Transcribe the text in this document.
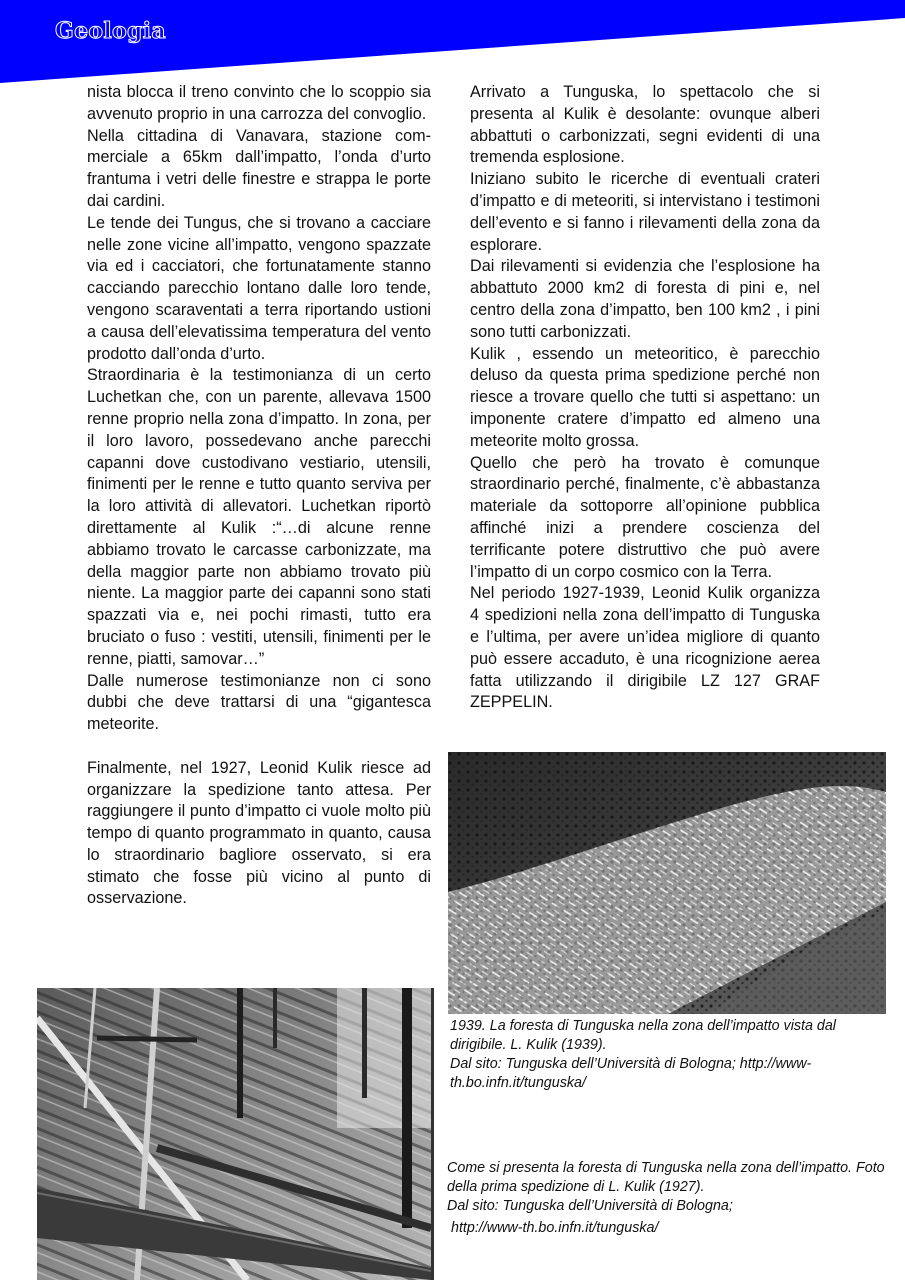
Geologia

nista blocca il treno convinto che lo scoppio sia avvenuto proprio in una carrozza del convoglio.

Nella cittadina di Vanavara, stazione commerciale a 65km dall’impatto, l’onda d’urto frantuma i vetri delle finestre e strappa le porte dai cardini.

Le tende dei Tungus, che si trovano a cacciare nelle zone vicine all’impatto, vengono spazzate via ed i cacciatori, che fortunatamente stanno cacciando parecchio lontano dalle loro tende, vengono scaraventati a terra riportando ustioni a causa dell’elevatissima temperatura del vento prodotto dall’onda d’urto.

Straordinaria è la testimonianza di un certo Luchetkan che, con un parente, allevava 1500 renne proprio nella zona d’impatto. In zona, per il loro lavoro, possedevano anche parecchi capanni dove custodivano vestiario, utensili, finimenti per le renne e tutto quanto serviva per la loro attività di allevatori. Luchetkan riportò direttamente al Kulik :“…di alcune renne abbiamo trovato le carcasse carbonizzate, ma della maggior parte non abbiamo trovato più niente. La maggior parte dei capanni sono stati spazzati via e, nei pochi rimasti, tutto era bruciato o fuso : vestiti, utensili, finimenti per le renne, piatti, samovar…”

Dalle numerose testimonianze non ci sono dubbi che deve trattarsi di una “gigantesca meteorite.

Finalmente, nel 1927, Leonid Kulik riesce ad organizzare la spedizione tanto attesa. Per raggiungere il punto d’impatto ci vuole molto più tempo di quanto programmato in quanto, causa lo straordinario bagliore osservato, si era stimato che fosse più vicino al punto di osservazione.

Arrivato a Tunguska, lo spettacolo che si presenta al Kulik è desolante: ovunque alberi abbattuti o carbonizzati, segni evidenti di una tremenda esplosione.

Iniziano subito le ricerche di eventuali crateri d’impatto e di meteoriti, si intervistano i testimoni dell’evento e si fanno i rilevamenti della zona da esplorare.

Dai rilevamenti si evidenzia che l’esplosione ha abbattuto 2000 km2 di foresta di pini e, nel centro della zona d’impatto, ben 100 km2 , i pini sono tutti carbonizzati.

Kulik , essendo un meteoritico, è parecchio deluso da questa prima spedizione perché non riesce a trovare quello che tutti si aspettano: un imponente cratere d’impatto ed almeno una meteorite molto grossa.

Quello che però ha trovato è comunque straordinario perché, finalmente, c’è abbastanza materiale da sottoporre all’opinione pubblica affinché inizi a prendere coscienza del terrificante potere distruttivo che può avere l’impatto di un corpo cosmico con la Terra.

Nel periodo 1927-1939, Leonid Kulik organizza 4 spedizioni nella zona dell’impatto di Tunguska e l’ultima, per avere un’idea migliore di quanto può essere accaduto, è una ricognizione aerea fatta utilizzando il dirigibile LZ 127 GRAF ZEPPELIN.

1939. La foresta di Tunguska nella zona dell’impatto vista dal dirigibile. L. Kulik (1939).

Dal sito: Tunguska dell’Università di Bologna; http://www-th.bo.infn.it/tunguska/

Come si presenta la foresta di Tunguska nella zona dell’impatto. Foto della prima spedizione di L. Kulik (1927).

Dal sito: Tunguska dell’Università di Bologna;

http://www-th.bo.infn.it/tunguska/
